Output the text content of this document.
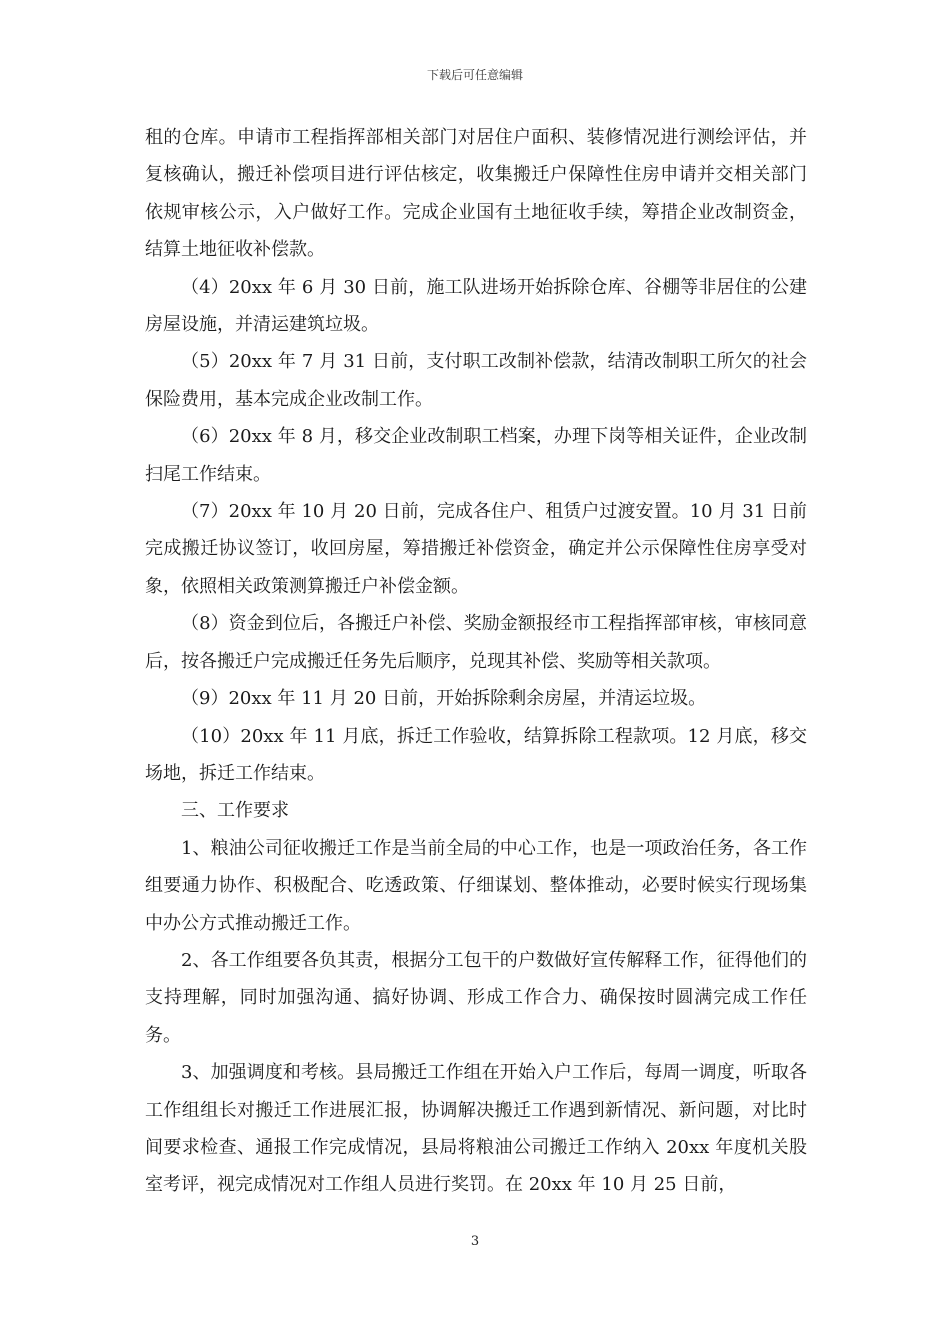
下载后可任意编辑

租的仓库。申请市工程指挥部相关部门对居住户面积、装修情况进行测绘评估，并复核确认，搬迁补偿项目进行评估核定，收集搬迁户保障性住房申请并交相关部门依规审核公示，入户做好工作。完成企业国有土地征收手续，筹措企业改制资金，结算土地征收补偿款。

（4）20xx 年 6 月 30 日前，施工队进场开始拆除仓库、谷棚等非居住的公建房屋设施，并清运建筑垃圾。

（5）20xx 年 7 月 31 日前，支付职工改制补偿款，结清改制职工所欠的社会保险费用，基本完成企业改制工作。

（6）20xx 年 8 月，移交企业改制职工档案，办理下岗等相关证件，企业改制扫尾工作结束。

（7）20xx 年 10 月 20 日前，完成各住户、租赁户过渡安置。10 月 31 日前完成搬迁协议签订，收回房屋，筹措搬迁补偿资金，确定并公示保障性住房享受对象，依照相关政策测算搬迁户补偿金额。

（8）资金到位后，各搬迁户补偿、奖励金额报经市工程指挥部审核，审核同意后，按各搬迁户完成搬迁任务先后顺序，兑现其补偿、奖励等相关款项。

（9）20xx 年 11 月 20 日前，开始拆除剩余房屋，并清运垃圾。

（10）20xx 年 11 月底，拆迁工作验收，结算拆除工程款项。12 月底，移交场地，拆迁工作结束。

三、工作要求

1、粮油公司征收搬迁工作是当前全局的中心工作，也是一项政治任务，各工作组要通力协作、积极配合、吃透政策、仔细谋划、整体推动，必要时候实行现场集中办公方式推动搬迁工作。

2、各工作组要各负其责，根据分工包干的户数做好宣传解释工作，征得他们的支持理解，同时加强沟通、搞好协调、形成工作合力、确保按时圆满完成工作任务。

3、加强调度和考核。县局搬迁工作组在开始入户工作后，每周一调度，听取各工作组组长对搬迁工作进展汇报，协调解决搬迁工作遇到新情况、新问题，对比时间要求检查、通报工作完成情况，县局将粮油公司搬迁工作纳入 20xx 年度机关股室考评，视完成情况对工作组人员进行奖罚。在 20xx 年 10 月 25 日前，

3
